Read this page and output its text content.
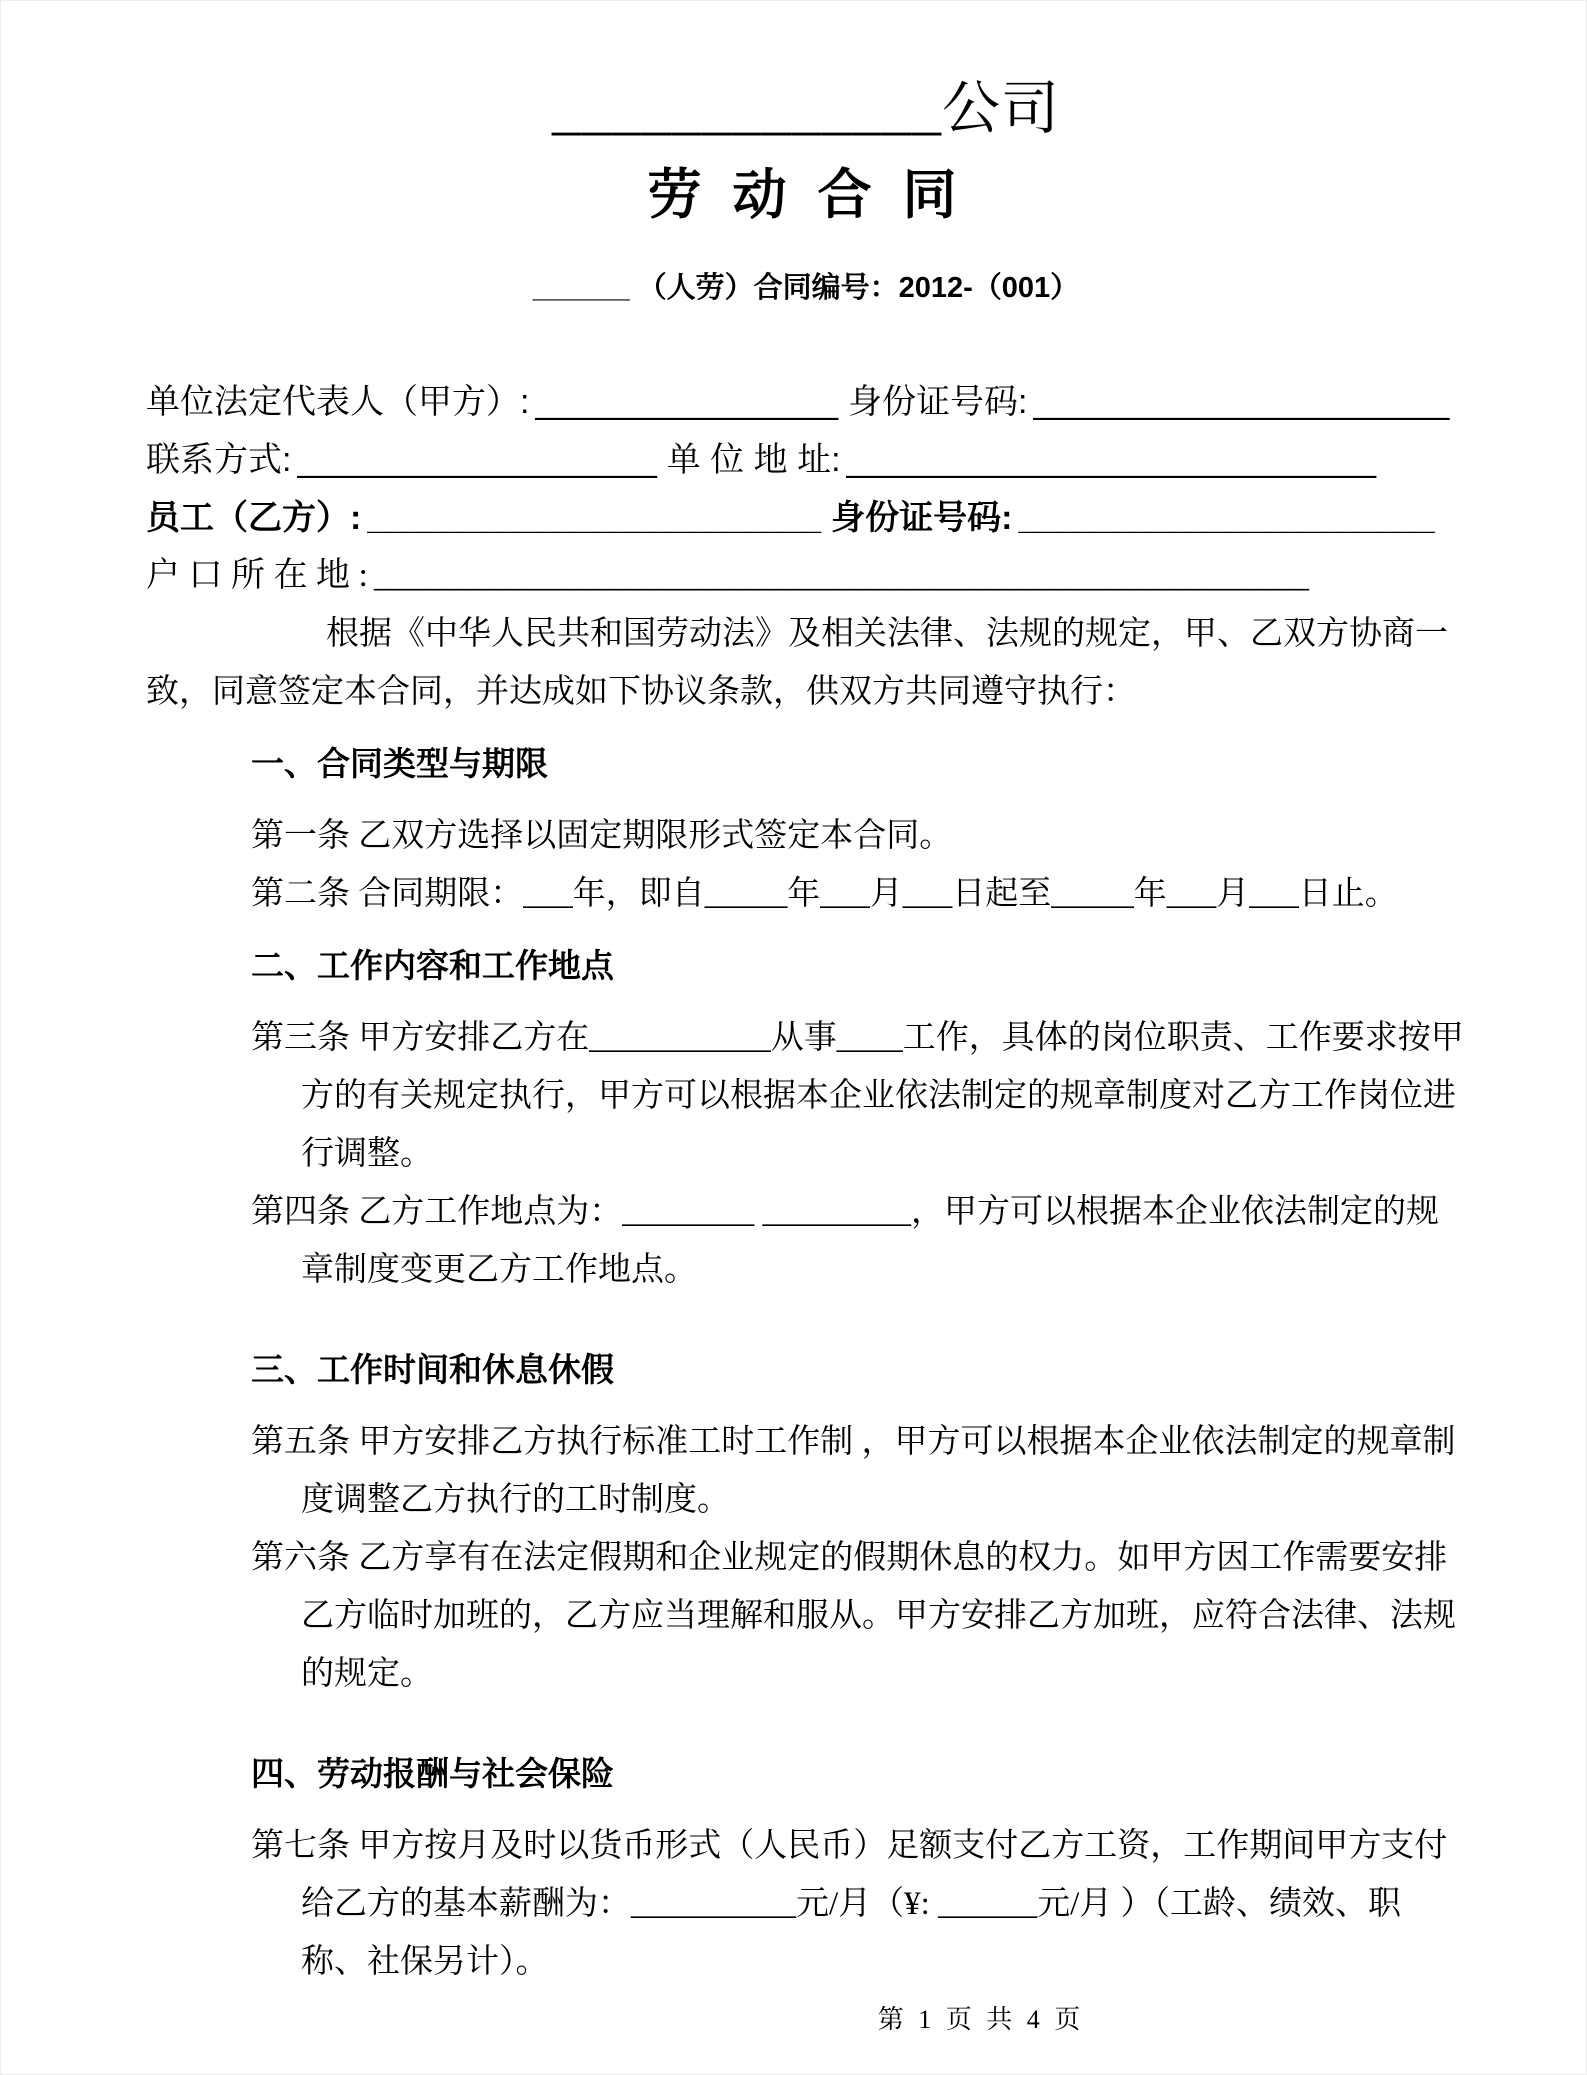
_____________公司
劳 动 合 同
______ （人劳）合同编号：2012-（001）
单位法定代表人（甲方）: ________________ 身份证号码: ______________________
联系方式: ___________________ 单 位 地 址: ____________________________
员工（乙方）: ________________________ 身份证号码: ______________________
户 口 所 在 地 : _______________________________________________________

根据《中华人民共和国劳动法》及相关法律、法规的规定，甲、乙双方协商一致，同意签定本合同，并达成如下协议条款，供双方共同遵守执行：

一、合同类型与期限

第一条 乙双方选择以固定期限形式签定本合同。

第二条 合同期限：___年，即自_____年___月___日起至_____年___月___日止。

二、工作内容和工作地点

第三条 甲方安排乙方在___________从事____工作，具体的岗位职责、工作要求按甲方的有关规定执行，甲方可以根据本企业依法制定的规章制度对乙方工作岗位进行调整。

第四条 乙方工作地点为：________ _________，甲方可以根据本企业依法制定的规章制度变更乙方工作地点。

三、工作时间和休息休假

第五条 甲方安排乙方执行标准工时工作制 ，甲方可以根据本企业依法制定的规章制度调整乙方执行的工时制度。

第六条 乙方享有在法定假期和企业规定的假期休息的权力。如甲方因工作需要安排乙方临时加班的，乙方应当理解和服从。甲方安排乙方加班，应符合法律、法规的规定。

四、劳动报酬与社会保险

第七条 甲方按月及时以货币形式（人民币）足额支付乙方工资，工作期间甲方支付给乙方的基本薪酬为：__________元/月（¥: ______元/月 ）（工龄、绩效、职称、社保另计）。

第 1 页 共 4 页
